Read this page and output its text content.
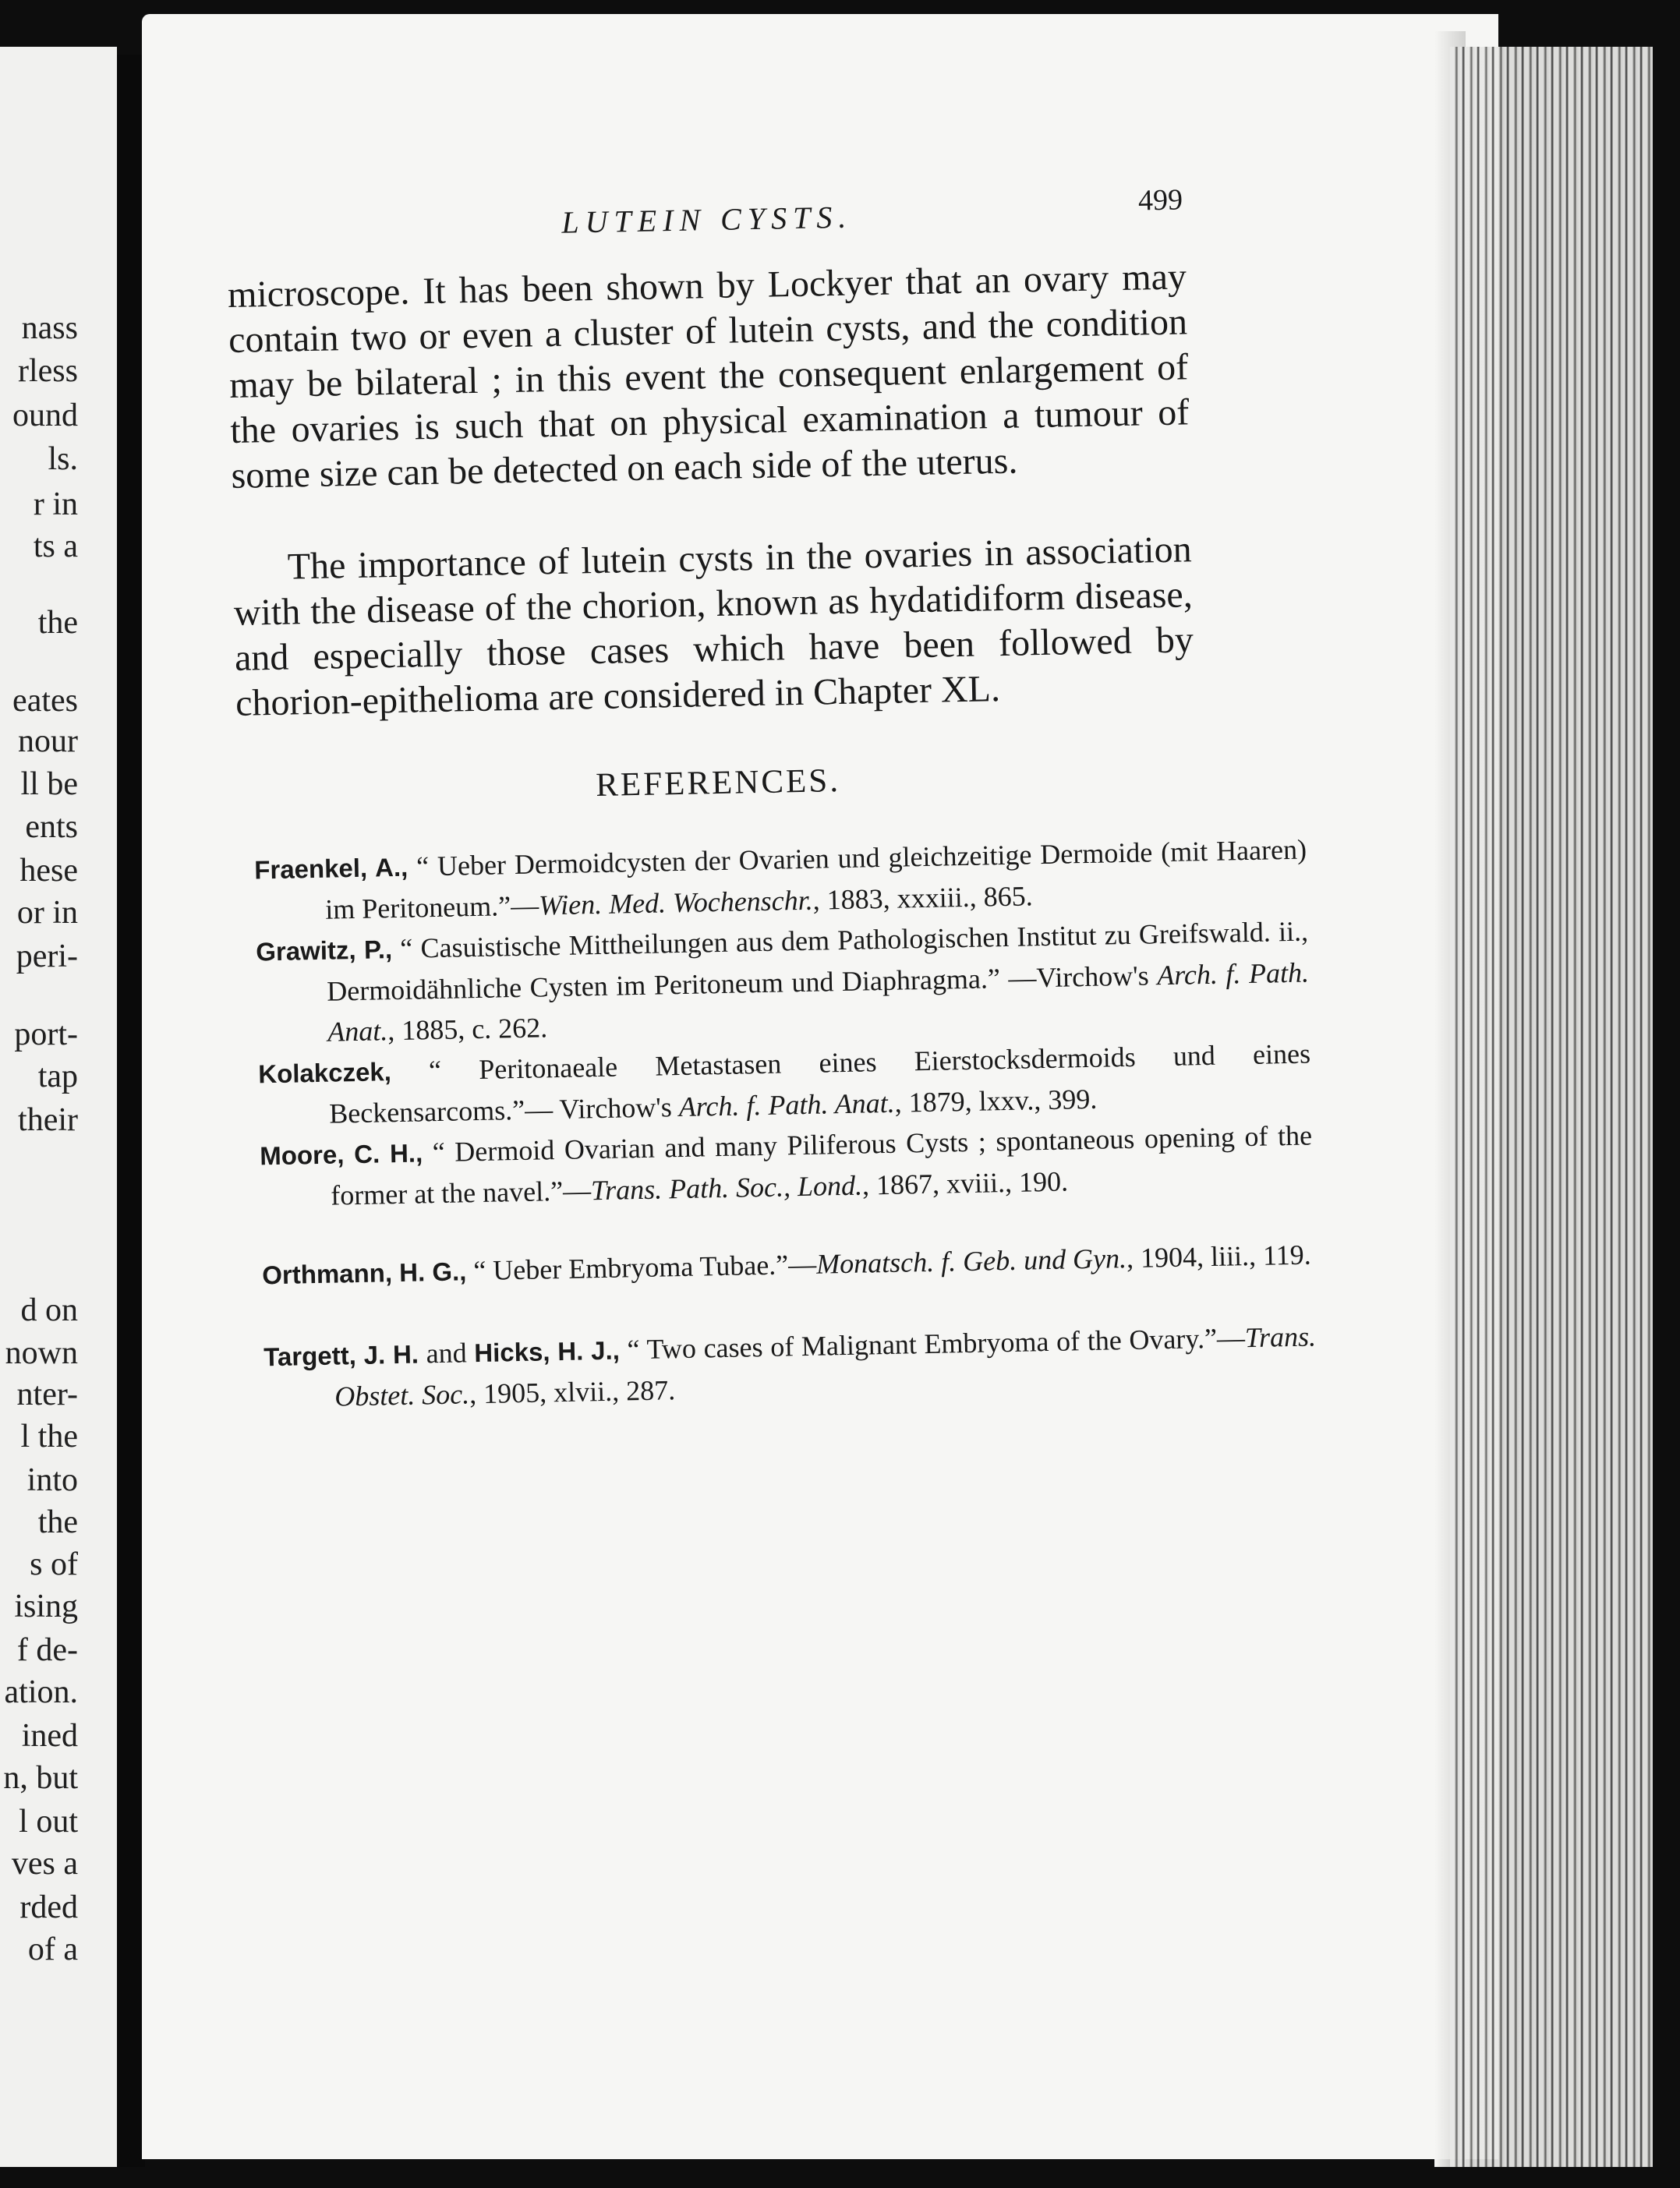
nass
rless
ound
ls.
r in
ts a
the
eates
nour
ll be
ents
hese
or in
peri-
port-
tap
their
d on
nown
nter-
l the
into
the
s of
ising
f de-
ation.
ined
n, but
l out
ves a
rded
of a
LUTEIN CYSTS.	499
microscope. It has been shown by Lockyer that an ovary may contain two or even a cluster of lutein cysts, and the condition may be bilateral ; in this event the consequent enlargement of the ovaries is such that on physical examination a tumour of some size can be detected on each side of the uterus.
The importance of lutein cysts in the ovaries in association with the disease of the chorion, known as hydatidiform disease, and especially those cases which have been followed by chorion-epithelioma are considered in Chapter XL.
REFERENCES.
Fraenkel, A., “ Ueber Dermoidcysten der Ovarien und gleichzeitige Dermoide (mit Haaren) im Peritoneum.”—Wien. Med. Wochenschr., 1883, xxxiii., 865.
Grawitz, P., “ Casuistische Mittheilungen aus dem Pathologischen Institut zu Greifswald. ii., Dermoidähnliche Cysten im Peritoneum und Diaphragma.” —Virchow's Arch. f. Path. Anat., 1885, c. 262.
Kolakczek, “ Peritonaeale Metastasen eines Eierstocksdermoids und eines Beckensarcoms.”— Virchow's Arch. f. Path. Anat., 1879, lxxv., 399.
Moore, C. H., “ Dermoid Ovarian and many Piliferous Cysts ; spontaneous opening of the former at the navel.”—Trans. Path. Soc., Lond., 1867, xviii., 190.
Orthmann, H. G., “ Ueber Embryoma Tubae.”—Monatsch. f. Geb. und Gyn., 1904, liii., 119.
Targett, J. H. and Hicks, H. J., “ Two cases of Malignant Embryoma of the Ovary.”—Trans. Obstet. Soc., 1905, xlvii., 287.
